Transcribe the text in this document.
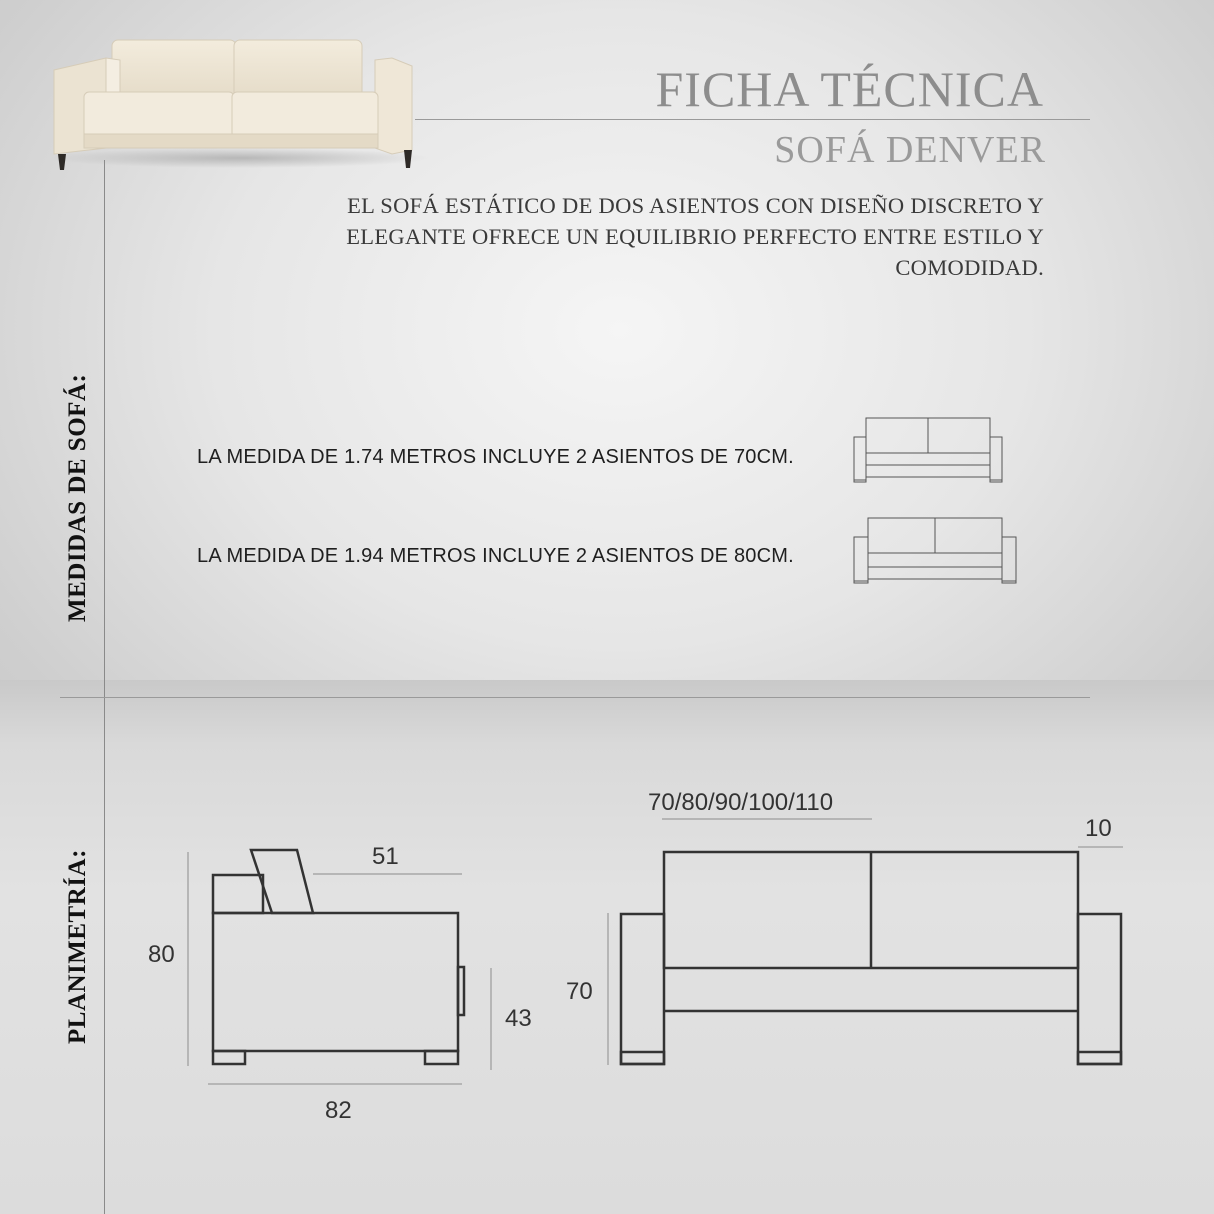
FICHA TÉCNICA
SOFÁ DENVER
EL SOFÁ ESTÁTICO DE DOS ASIENTOS CON DISEÑO DISCRETO Y ELEGANTE OFRECE UN EQUILIBRIO PERFECTO ENTRE ESTILO Y COMODIDAD.
MEDIDAS DE SOFÁ:
PLANIMETRÍA:
LA MEDIDA DE 1.74 METROS INCLUYE 2 ASIENTOS DE 70CM.
LA MEDIDA DE 1.94 METROS INCLUYE 2 ASIENTOS DE 80CM.
51
80
43
82
70/80/90/100/110
10
70
